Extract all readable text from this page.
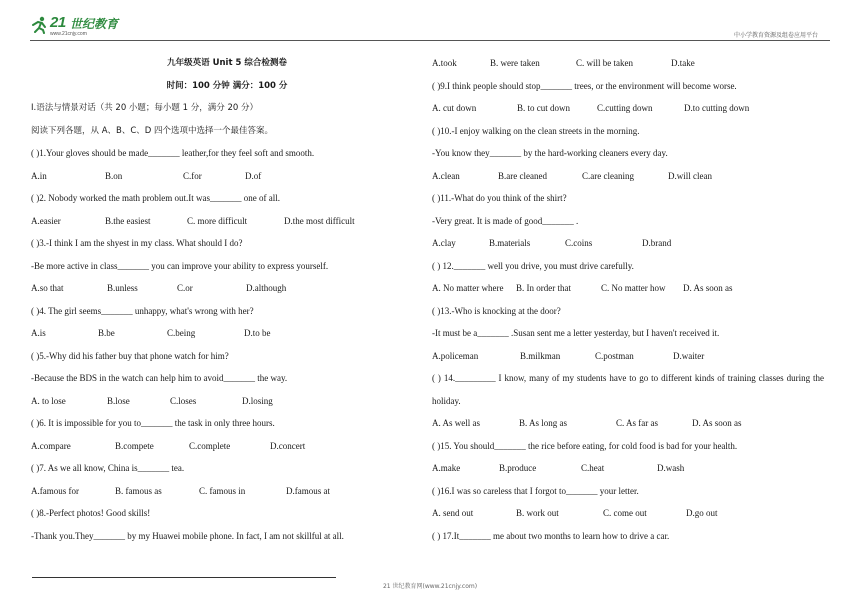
21 世纪教育
www.21cnjy.com	中小学教育资源及组卷应用平台
九年级英语 Unit 5 综合检测卷
时间：100 分钟 满分：100 分
I.语法与情景对话（共 20 小题；每小题 1 分，满分 20 分）
阅读下列各题，从 A、B、C、D 四个选项中选择一个最佳答案。
( )1.Your gloves should be made_______ leather,for they feel soft and smooth.
A.in	B.on	C.for	D.of
( )2. Nobody worked the math problem out.It was_______ one of all.
A.easier	B.the easiest	C. more difficult	D.the most difficult
( )3.-I think I am the shyest in my class. What should I do?
-Be more active in class_______ you can improve your ability to express yourself.
A.so that	B.unless	C.or	D.although
( )4. The girl seems_______ unhappy, what's wrong with her?
A.is	B.be	C.being	D.to be
( )5.-Why did his father buy that phone watch for him?
-Because the BDS in the watch can help him to avoid_______ the way.
A. to lose	B.lose	C.loses	D.losing
( )6. It is impossible for you to_______ the task in only three hours.
A.compare	B.compete	C.complete	D.concert
( )7. As we all know, China is_______ tea.
A.famous for	B. famous as	C. famous in	D.famous at
( )8.-Perfect photos! Good skills!
-Thank you.They_______ by my Huawei mobile phone. In fact, I am not skillful at all.
A.took	B. were taken	C. will be taken	D.take
( )9.I think people should stop_______ trees, or the environment will become worse.
A. cut down	B. to cut down	C.cutting down	D.to cutting down
( )10.-I enjoy walking on the clean streets in the morning.
-You know they_______ by the hard-working cleaners every day.
A.clean	B.are cleaned	C.are cleaning	D.will clean
( )11.-What do you think of the shirt?
-Very great. It is made of good_______ .
A.clay	B.materials	C.coins	D.brand
( ) 12._______ well you drive, you must drive carefully.
A. No matter where	B. In order that	C. No matter how	D. As soon as
( )13.-Who is knocking at the door?
-It must be a_______ .Susan sent me a letter yesterday, but I haven't received it.
A.policeman	B.milkman	C.postman	D.waiter
( ) 14._________ I know, many of my students have to go to different kinds of training classes during the holiday.
A. As well as	B. As long as	C. As far as	D. As soon as
( )15. You should_______ the rice before eating, for cold food is bad for your health.
A.make	B.produce	C.heat	D.wash
( )16.I was so careless that I forgot to_______ your letter.
A. send out	B. work out	C. come out	D.go out
( ) 17.It_______ me about two months to learn how to drive a car.
21 世纪教育网(www.21cnjy.com)
